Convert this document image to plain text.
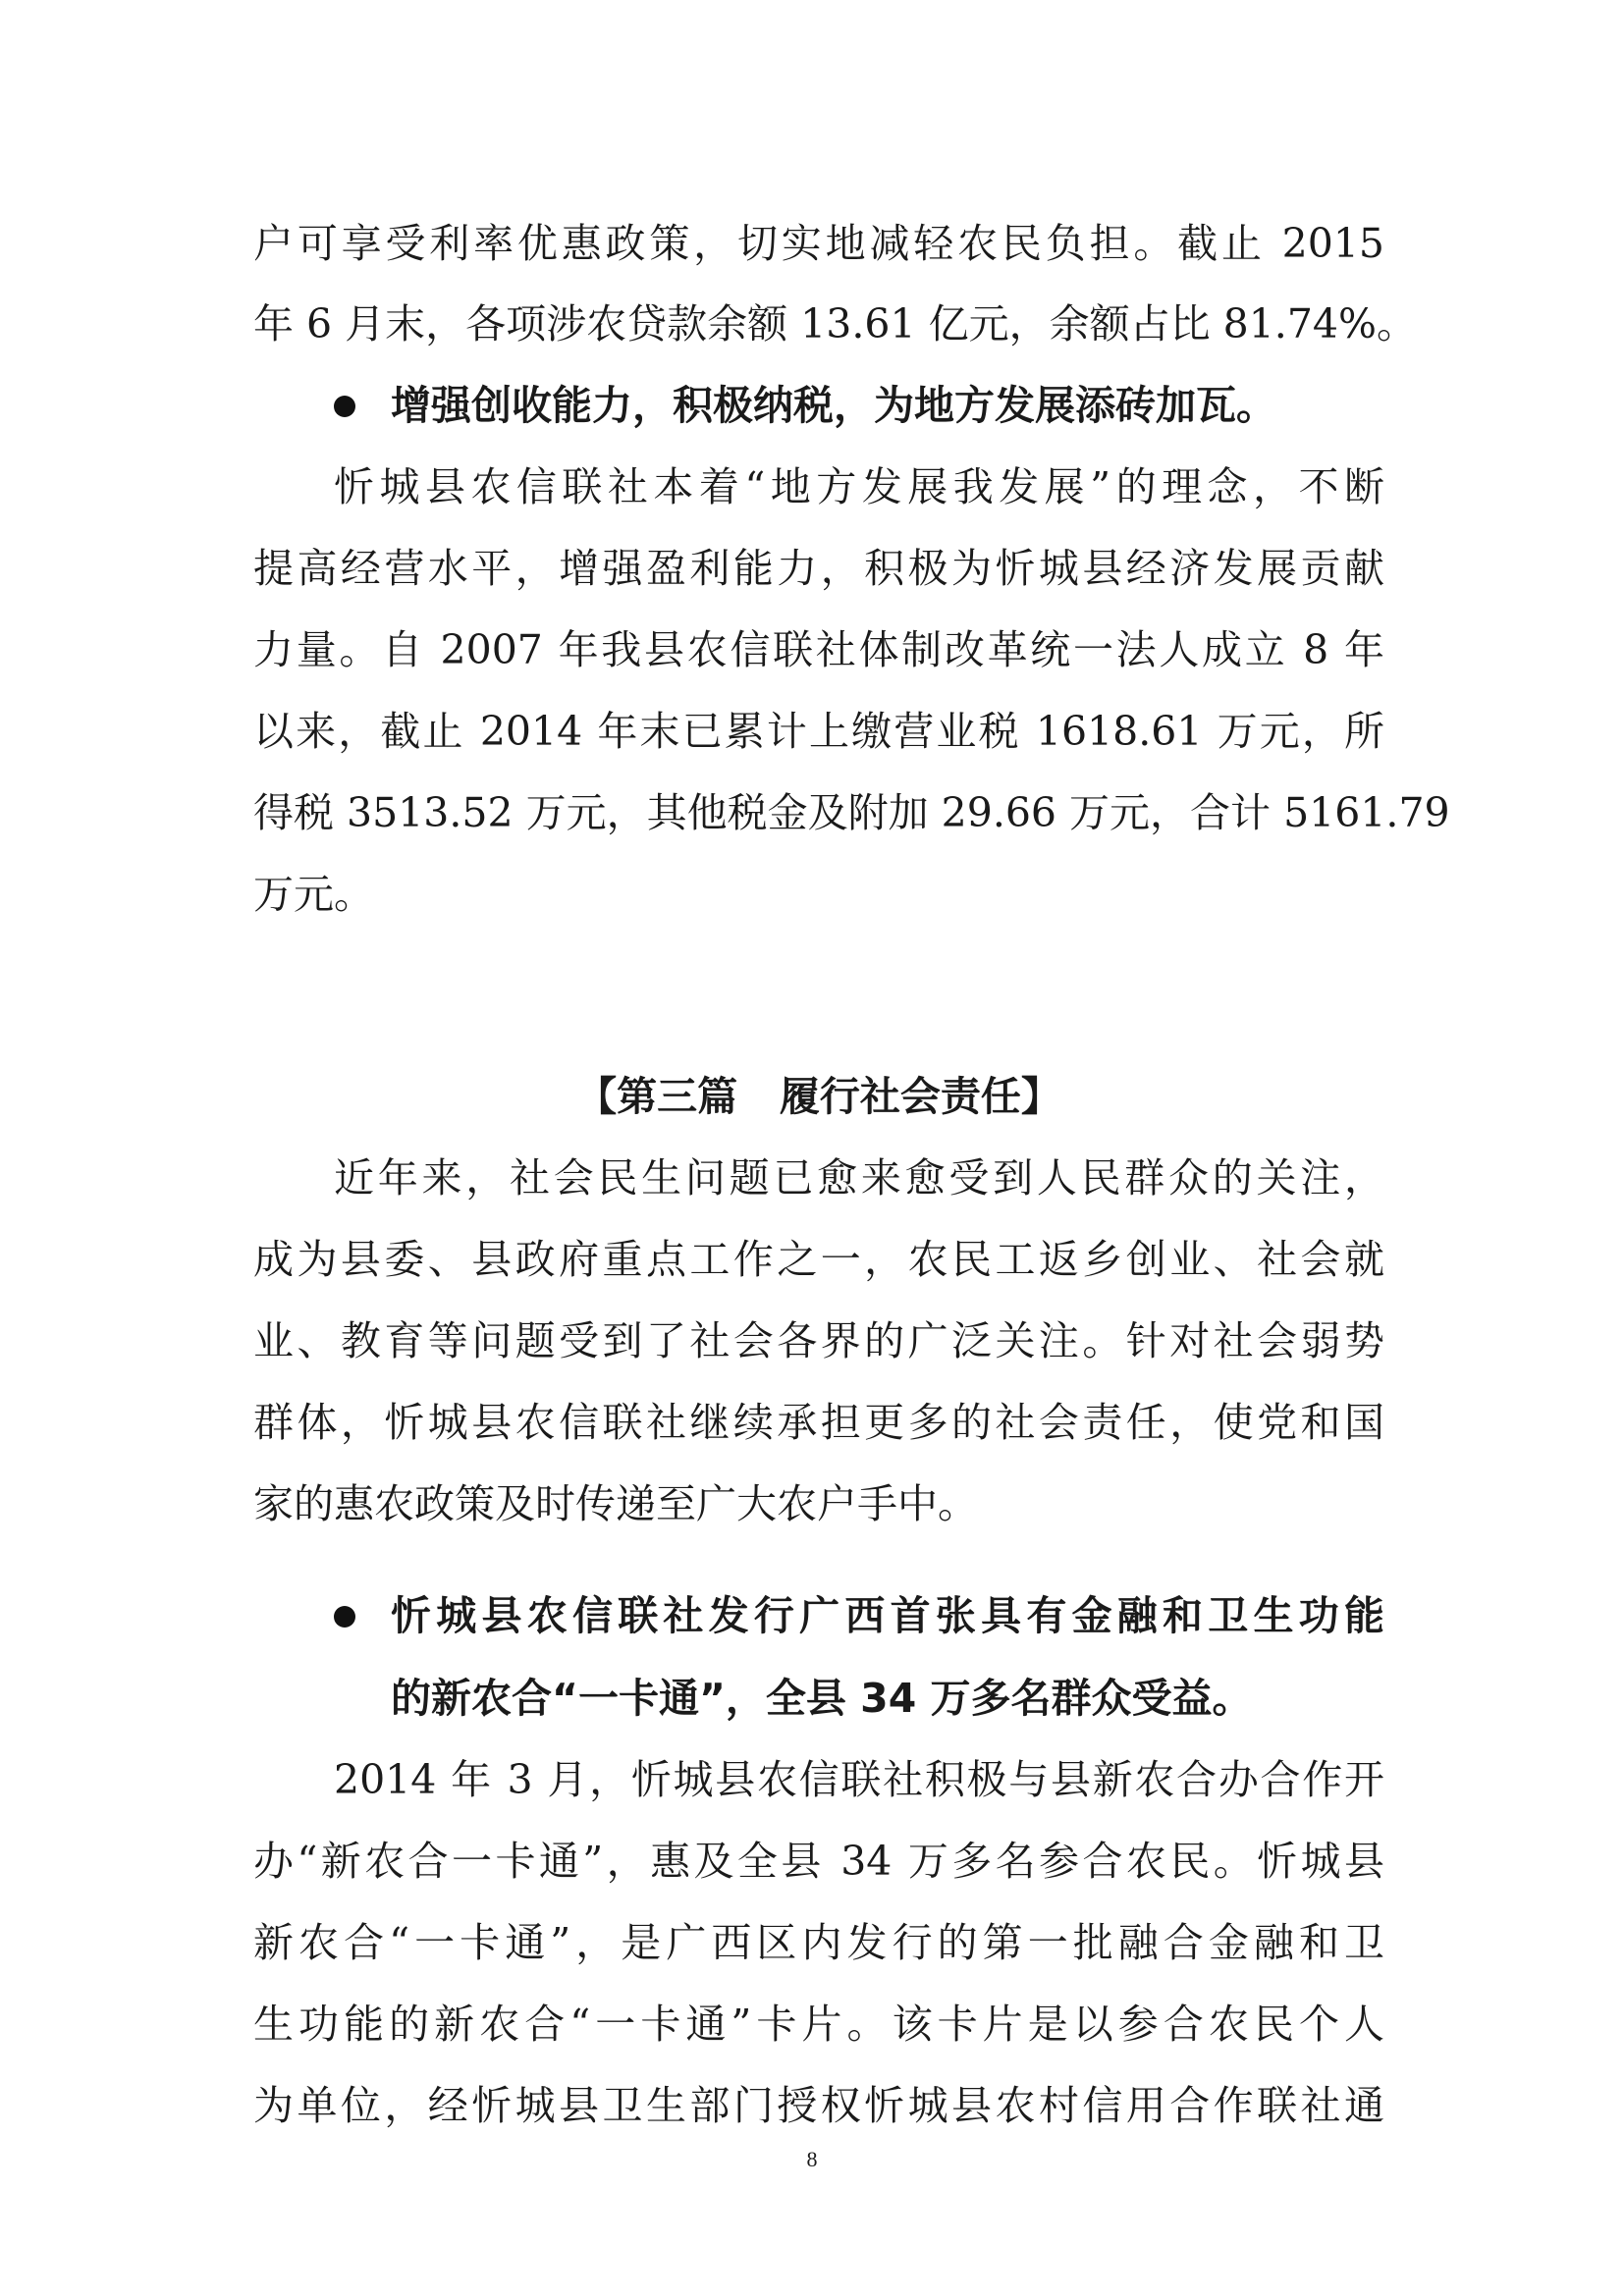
户可享受利率优惠政策，切实地减轻农民负担。截止 2015
年 6 月末，各项涉农贷款余额 13.61 亿元，余额占比 81.74%。
增强创收能力，积极纳税，为地方发展添砖加瓦。
忻城县农信联社本着“地方发展我发展”的理念，不断
提高经营水平，增强盈利能力，积极为忻城县经济发展贡献
力量。自 2007 年我县农信联社体制改革统一法人成立 8 年
以来，截止 2014 年末已累计上缴营业税 1618.61 万元，所
得税 3513.52 万元，其他税金及附加 29.66 万元，合计 5161.79
万元。
【第三篇   履行社会责任】
近年来，社会民生问题已愈来愈受到人民群众的关注，
成为县委、县政府重点工作之一，农民工返乡创业、社会就
业、教育等问题受到了社会各界的广泛关注。针对社会弱势
群体，忻城县农信联社继续承担更多的社会责任，使党和国
家的惠农政策及时传递至广大农户手中。
忻城县农信联社发行广西首张具有金融和卫生功能
的新农合“一卡通”，全县 34 万多名群众受益。
2014 年 3 月，忻城县农信联社积极与县新农合办合作开
办“新农合一卡通”，惠及全县 34 万多名参合农民。忻城县
新农合“一卡通”，是广西区内发行的第一批融合金融和卫
生功能的新农合“一卡通”卡片。该卡片是以参合农民个人
为单位，经忻城县卫生部门授权忻城县农村信用合作联社通
8
